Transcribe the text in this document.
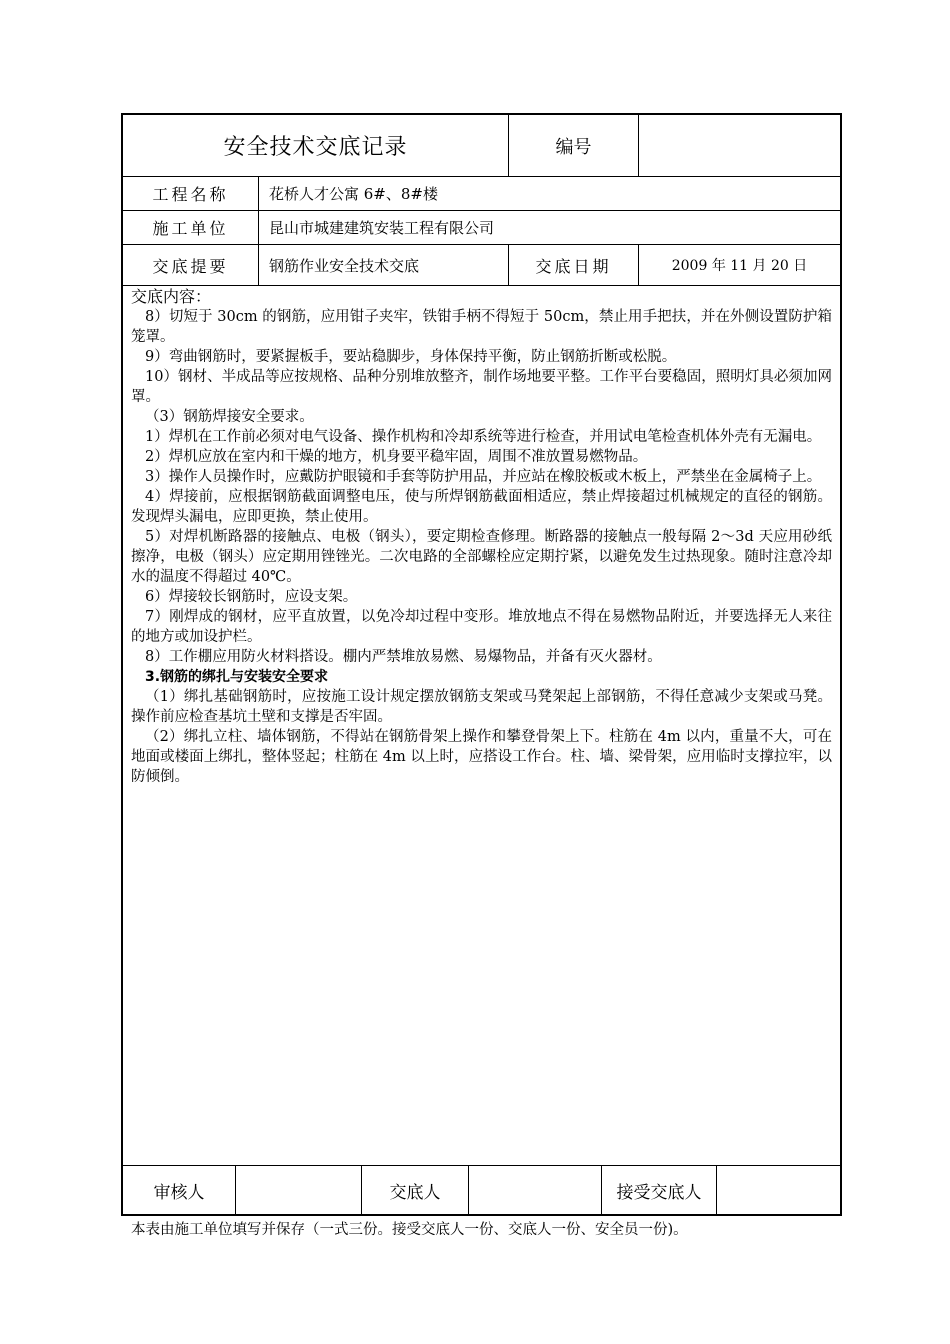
安全技术交底记录	编号
工程名称	花桥人才公寓 6#、8#楼
施工单位	昆山市城建建筑安装工程有限公司
交底提要	钢筋作业安全技术交底	交底日期	2009 年 11 月 20 日
交底内容：

8）切短于 30cm 的钢筋，应用钳子夹牢，铁钳手柄不得短于 50cm，禁止用手把扶，并在外侧设置防护箱笼罩。

9）弯曲钢筋时，要紧握板手，要站稳脚步，身体保持平衡，防止钢筋折断或松脱。

10）钢材、半成品等应按规格、品种分别堆放整齐，制作场地要平整。工作平台要稳固，照明灯具必须加网罩。

（3）钢筋焊接安全要求。

1）焊机在工作前必须对电气设备、操作机构和冷却系统等进行检查，并用试电笔检查机体外壳有无漏电。

2）焊机应放在室内和干燥的地方，机身要平稳牢固，周围不准放置易燃物品。

3）操作人员操作时，应戴防护眼镜和手套等防护用品，并应站在橡胶板或木板上，严禁坐在金属椅子上。

4）焊接前，应根据钢筋截面调整电压，使与所焊钢筋截面相适应，禁止焊接超过机械规定的直径的钢筋。发现焊头漏电，应即更换，禁止使用。

5）对焊机断路器的接触点、电极（钢头），要定期检查修理。断路器的接触点一般每隔 2～3d 天应用砂纸擦净，电极（钢头）应定期用锉锉光。二次电路的全部螺栓应定期拧紧，以避免发生过热现象。随时注意冷却水的温度不得超过 40℃。

6）焊接较长钢筋时，应设支架。

7）刚焊成的钢材，应平直放置，以免冷却过程中变形。堆放地点不得在易燃物品附近，并要选择无人来往的地方或加设护栏。

8）工作棚应用防火材料搭设。棚内严禁堆放易燃、易爆物品，并备有灭火器材。

3.钢筋的绑扎与安装安全要求

（1）绑扎基础钢筋时，应按施工设计规定摆放钢筋支架或马凳架起上部钢筋，不得任意减少支架或马凳。操作前应检查基坑土壁和支撑是否牢固。

（2）绑扎立柱、墙体钢筋，不得站在钢筋骨架上操作和攀登骨架上下。柱筋在 4m 以内，重量不大，可在地面或楼面上绑扎，整体竖起；柱筋在 4m 以上时，应搭设工作台。柱、墙、梁骨架，应用临时支撑拉牢，以防倾倒。

审核人	交底人	接受交底人
本表由施工单位填写并保存（一式三份。接受交底人一份、交底人一份、安全员一份)。
